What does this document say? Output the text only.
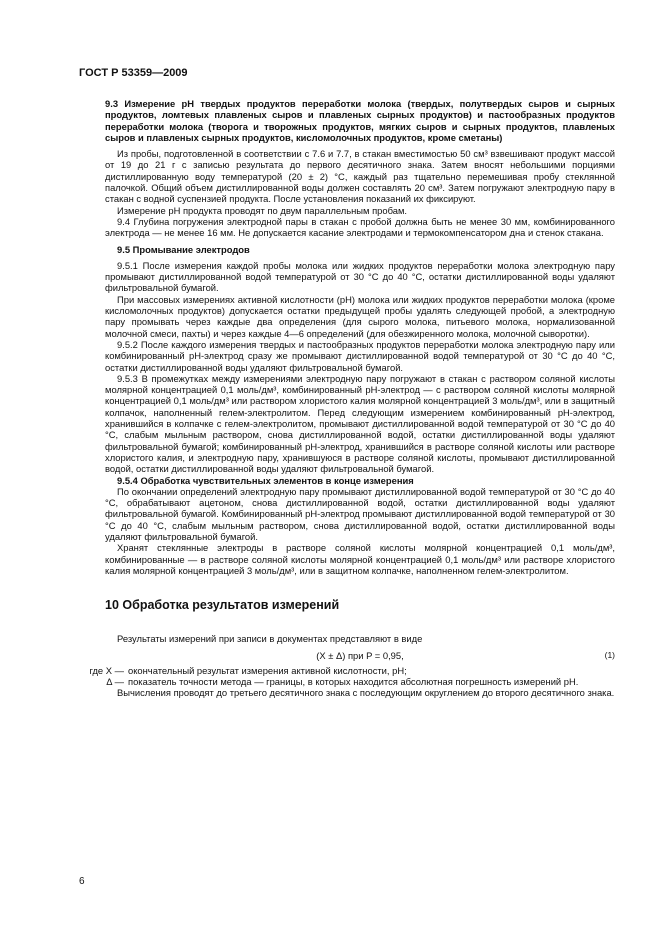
ГОСТ Р 53359—2009

9.3 Измерение рН твердых продуктов переработки молока (твердых, полутвердых сыров и сырных продуктов, ломтевых плавленых сыров и плавленых сырных продуктов) и пастообразных продуктов переработки молока (творога и творожных продуктов, мягких сыров и сырных продуктов, плавленых сыров и плавленых сырных продуктов, кисломолочных продуктов, кроме сметаны)

Из пробы, подготовленной в соответствии с 7.6 и 7.7, в стакан вместимостью 50 см³ взвешивают продукт массой от 19 до 21 г с записью результата до первого десятичного знака. Затем вносят небольшими порциями дистиллированную воду температурой (20 ± 2) °С, каждый раз тщательно перемешивая пробу стеклянной палочкой. Общий объем дистиллированной воды должен составлять 20 см³. Затем погружают электродную пару в стакан с водной суспензией продукта. После установления показаний их фиксируют.

Измерение рН продукта проводят по двум параллельным пробам.

9.4 Глубина погружения электродной пары в стакан с пробой должна быть не менее 30 мм, комбинированного электрода — не менее 16 мм. Не допускается касание электродами и термокомпенсатором дна и стенок стакана.

9.5 Промывание электродов

9.5.1 После измерения каждой пробы молока или жидких продуктов переработки молока электродную пару промывают дистиллированной водой температурой от 30 °С до 40 °С, остатки дистиллированной воды удаляют фильтровальной бумагой.

При массовых измерениях активной кислотности (рН) молока или жидких продуктов переработки молока (кроме кисломолочных продуктов) допускается остатки предыдущей пробы удалять следующей пробой, а электродную пару промывать через каждые два определения (для сырого молока, питьевого молока, нормализованной молочной смеси, пахты) и через каждые 4—6 определений (для обезжиренного молока, молочной сыворотки).

9.5.2 После каждого измерения твердых и пастообразных продуктов переработки молока электродную пару или комбинированный рН-электрод сразу же промывают дистиллированной водой температурой от 30 °С до 40 °С, остатки дистиллированной воды удаляют фильтровальной бумагой.

9.5.3 В промежутках между измерениями электродную пару погружают в стакан с раствором соляной кислоты молярной концентрацией 0,1 моль/дм³, комбинированный рН-электрод — с раствором соляной кислоты молярной концентрацией 0,1 моль/дм³ или раствором хлористого калия молярной концентрацией 3 моль/дм³, или в защитный колпачок, наполненный гелем-электролитом. Перед следующим измерением комбинированный рН-электрод, хранившийся в колпачке с гелем-электролитом, промывают дистиллированной водой температурой от 30 °С до 40 °С, слабым мыльным раствором, снова дистиллированной водой, остатки дистиллированной воды удаляют фильтровальной бумагой; комбинированный рН-электрод, хранившийся в растворе соляной кислоты или растворе хлористого калия, и электродную пару, хранившуюся в растворе соляной кислоты, промывают дистиллированной водой, остатки дистиллированной воды удаляют фильтровальной бумагой.

9.5.4 Обработка чувствительных элементов в конце измерения

По окончании определений электродную пару промывают дистиллированной водой температурой от 30 °С до 40 °С, обрабатывают ацетоном, снова дистиллированной водой, остатки дистиллированной воды удаляют фильтровальной бумагой. Комбинированный рН-электрод промывают дистиллированной водой температурой от 30 °С до 40 °С, слабым мыльным раствором, снова дистиллированной водой, остатки дистиллированной воды удаляют фильтровальной бумагой.

Хранят стеклянные электроды в растворе соляной кислоты молярной концентрацией 0,1 моль/дм³, комбинированные — в растворе соляной кислоты молярной концентрацией 0,1 моль/дм³ или растворе хлористого калия молярной концентрацией 3 моль/дм³, или в защитном колпачке, наполненном гелем-электролитом.

10 Обработка результатов измерений

Результаты измерений при записи в документах представляют в виде

(X ± Δ) при P = 0,95,	(1)

где X — окончательный результат измерения активной кислотности, рН;
Δ — показатель точности метода — границы, в которых находится абсолютная погрешность измерений рН.

Вычисления проводят до третьего десятичного знака с последующим округлением до второго десятичного знака.

6
